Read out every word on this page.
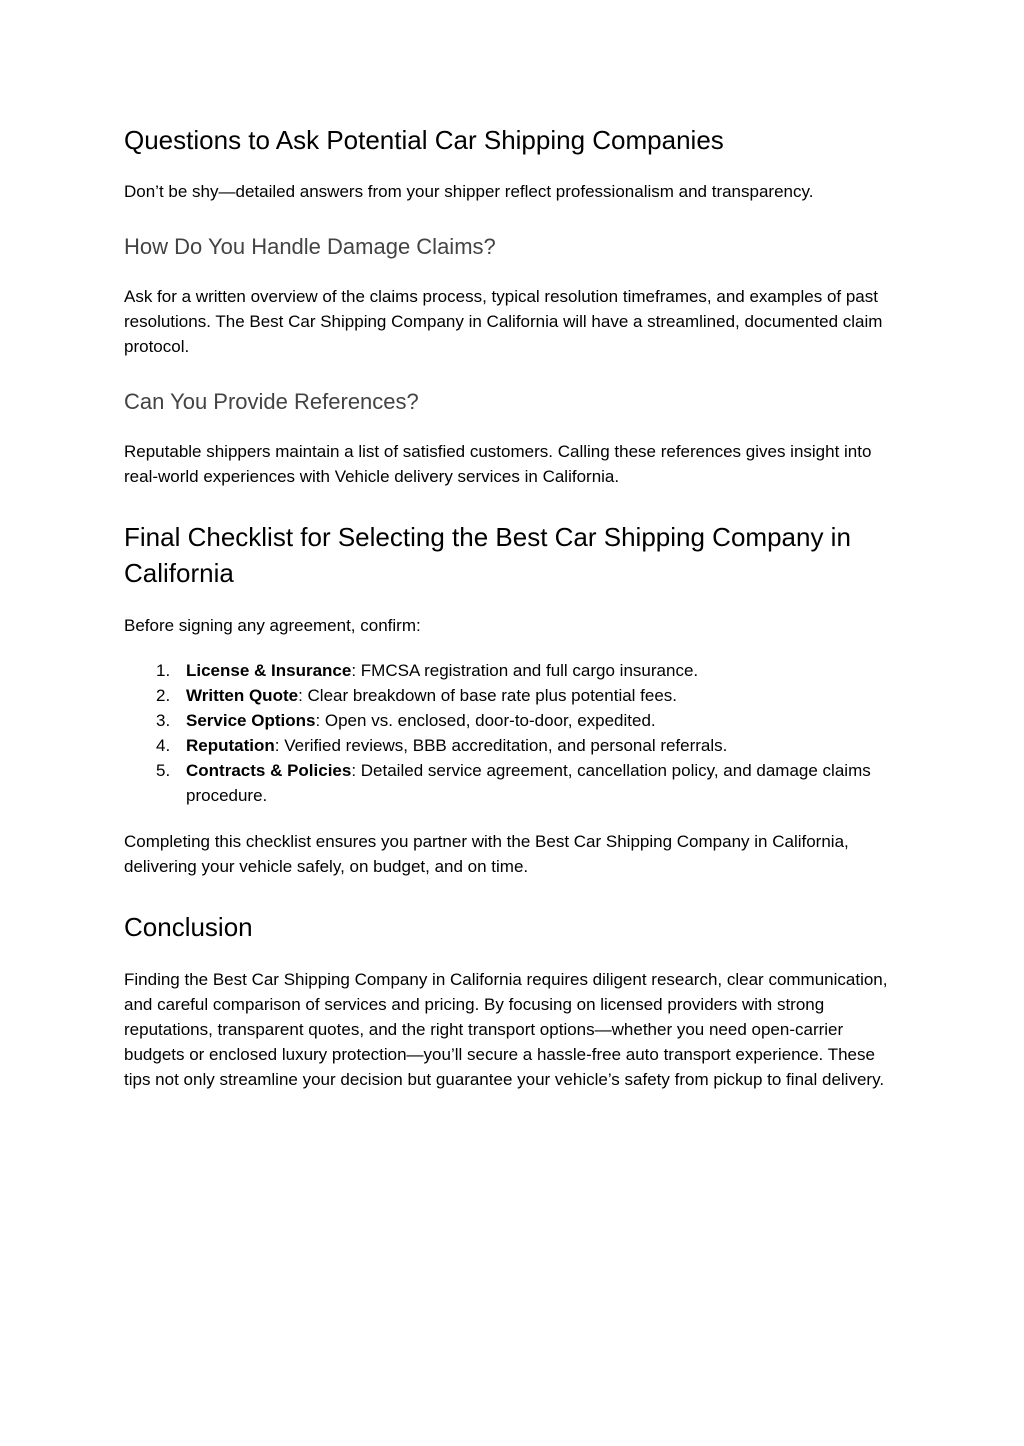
Questions to Ask Potential Car Shipping Companies

Don’t be shy—detailed answers from your shipper reflect professionalism and transparency.

How Do You Handle Damage Claims?

Ask for a written overview of the claims process, typical resolution timeframes, and examples of past resolutions. The Best Car Shipping Company in California will have a streamlined, documented claim protocol.

Can You Provide References?

Reputable shippers maintain a list of satisfied customers. Calling these references gives insight into real-world experiences with Vehicle delivery services in California.

Final Checklist for Selecting the Best Car Shipping Company in California

Before signing any agreement, confirm:

1. License & Insurance: FMCSA registration and full cargo insurance.
2. Written Quote: Clear breakdown of base rate plus potential fees.
3. Service Options: Open vs. enclosed, door-to-door, expedited.
4. Reputation: Verified reviews, BBB accreditation, and personal referrals.
5. Contracts & Policies: Detailed service agreement, cancellation policy, and damage claims procedure.

Completing this checklist ensures you partner with the Best Car Shipping Company in California, delivering your vehicle safely, on budget, and on time.

Conclusion

Finding the Best Car Shipping Company in California requires diligent research, clear communication, and careful comparison of services and pricing. By focusing on licensed providers with strong reputations, transparent quotes, and the right transport options—whether you need open-carrier budgets or enclosed luxury protection—you’ll secure a hassle-free auto transport experience. These tips not only streamline your decision but guarantee your vehicle’s safety from pickup to final delivery.
